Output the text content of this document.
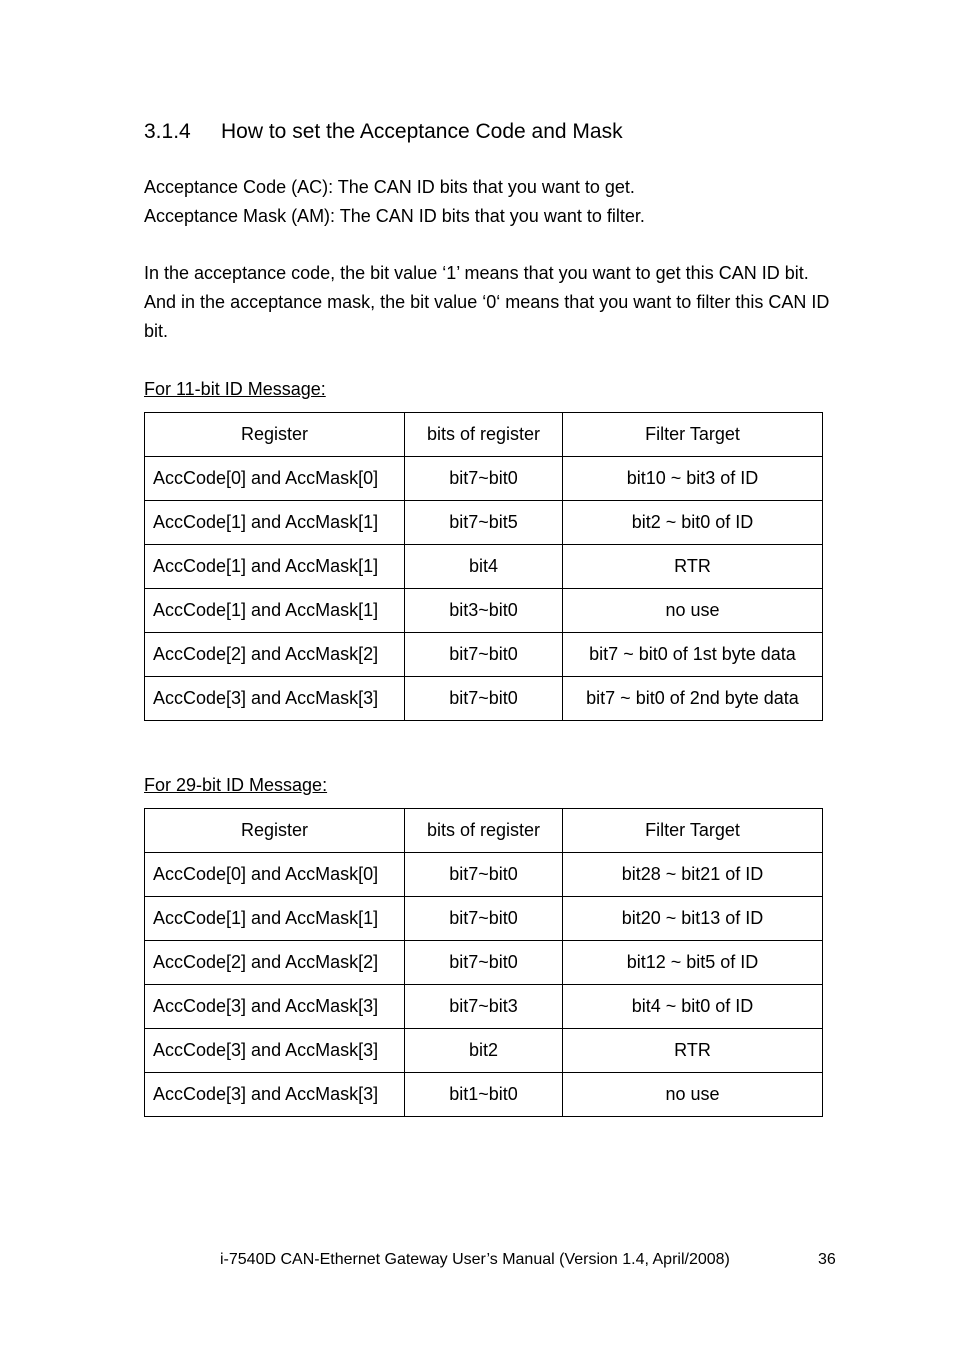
3.1.4 How to set the Acceptance Code and Mask
Acceptance Code (AC): The CAN ID bits that you want to get.
Acceptance Mask (AM): The CAN ID bits that you want to filter.

In the acceptance code, the bit value ‘1’ means that you want to get this CAN ID bit. And in the acceptance mask, the bit value ‘0‘ means that you want to filter this CAN ID bit.

For 11-bit ID Message:
Register	bits of register	Filter Target
AccCode[0] and AccMask[0]	bit7~bit0	bit10 ~ bit3 of ID
AccCode[1] and AccMask[1]	bit7~bit5	bit2 ~ bit0 of ID
AccCode[1] and AccMask[1]	bit4	RTR
AccCode[1] and AccMask[1]	bit3~bit0	no use
AccCode[2] and AccMask[2]	bit7~bit0	bit7 ~ bit0 of 1st byte data
AccCode[3] and AccMask[3]	bit7~bit0	bit7 ~ bit0 of 2nd byte data
For 29-bit ID Message:
Register	bits of register	Filter Target
AccCode[0] and AccMask[0]	bit7~bit0	bit28 ~ bit21 of ID
AccCode[1] and AccMask[1]	bit7~bit0	bit20 ~ bit13 of ID
AccCode[2] and AccMask[2]	bit7~bit0	bit12 ~ bit5 of ID
AccCode[3] and AccMask[3]	bit7~bit3	bit4 ~ bit0 of ID
AccCode[3] and AccMask[3]	bit2	RTR
AccCode[3] and AccMask[3]	bit1~bit0	no use
i-7540D CAN-Ethernet Gateway User’s Manual (Version 1.4, April/2008)	36
